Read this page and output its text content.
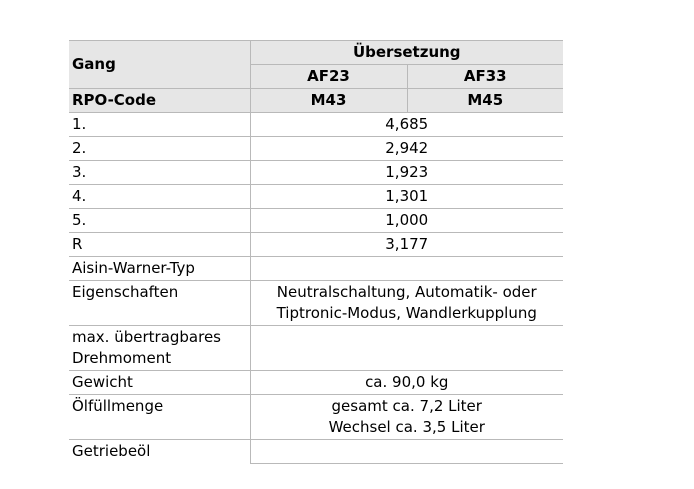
Gang	Übersetzung	
	AF23	AF33
RPO-Code	M43	M45
1.	4,685	
2.	2,942	
3.	1,923	
4.	1,301	
5.	1,000	
R	3,177	
Aisin-Warner-Typ		
Eigenschaften	Neutralschaltung, Automatik- oder Tiptronic-Modus, Wandlerkupplung	
max. übertragbares Drehmoment		
Gewicht	ca. 90,0 kg	
Ölfüllmenge	gesamt ca. 7,2 Liter
Wechsel ca. 3,5 Liter	
Getriebeöl		
